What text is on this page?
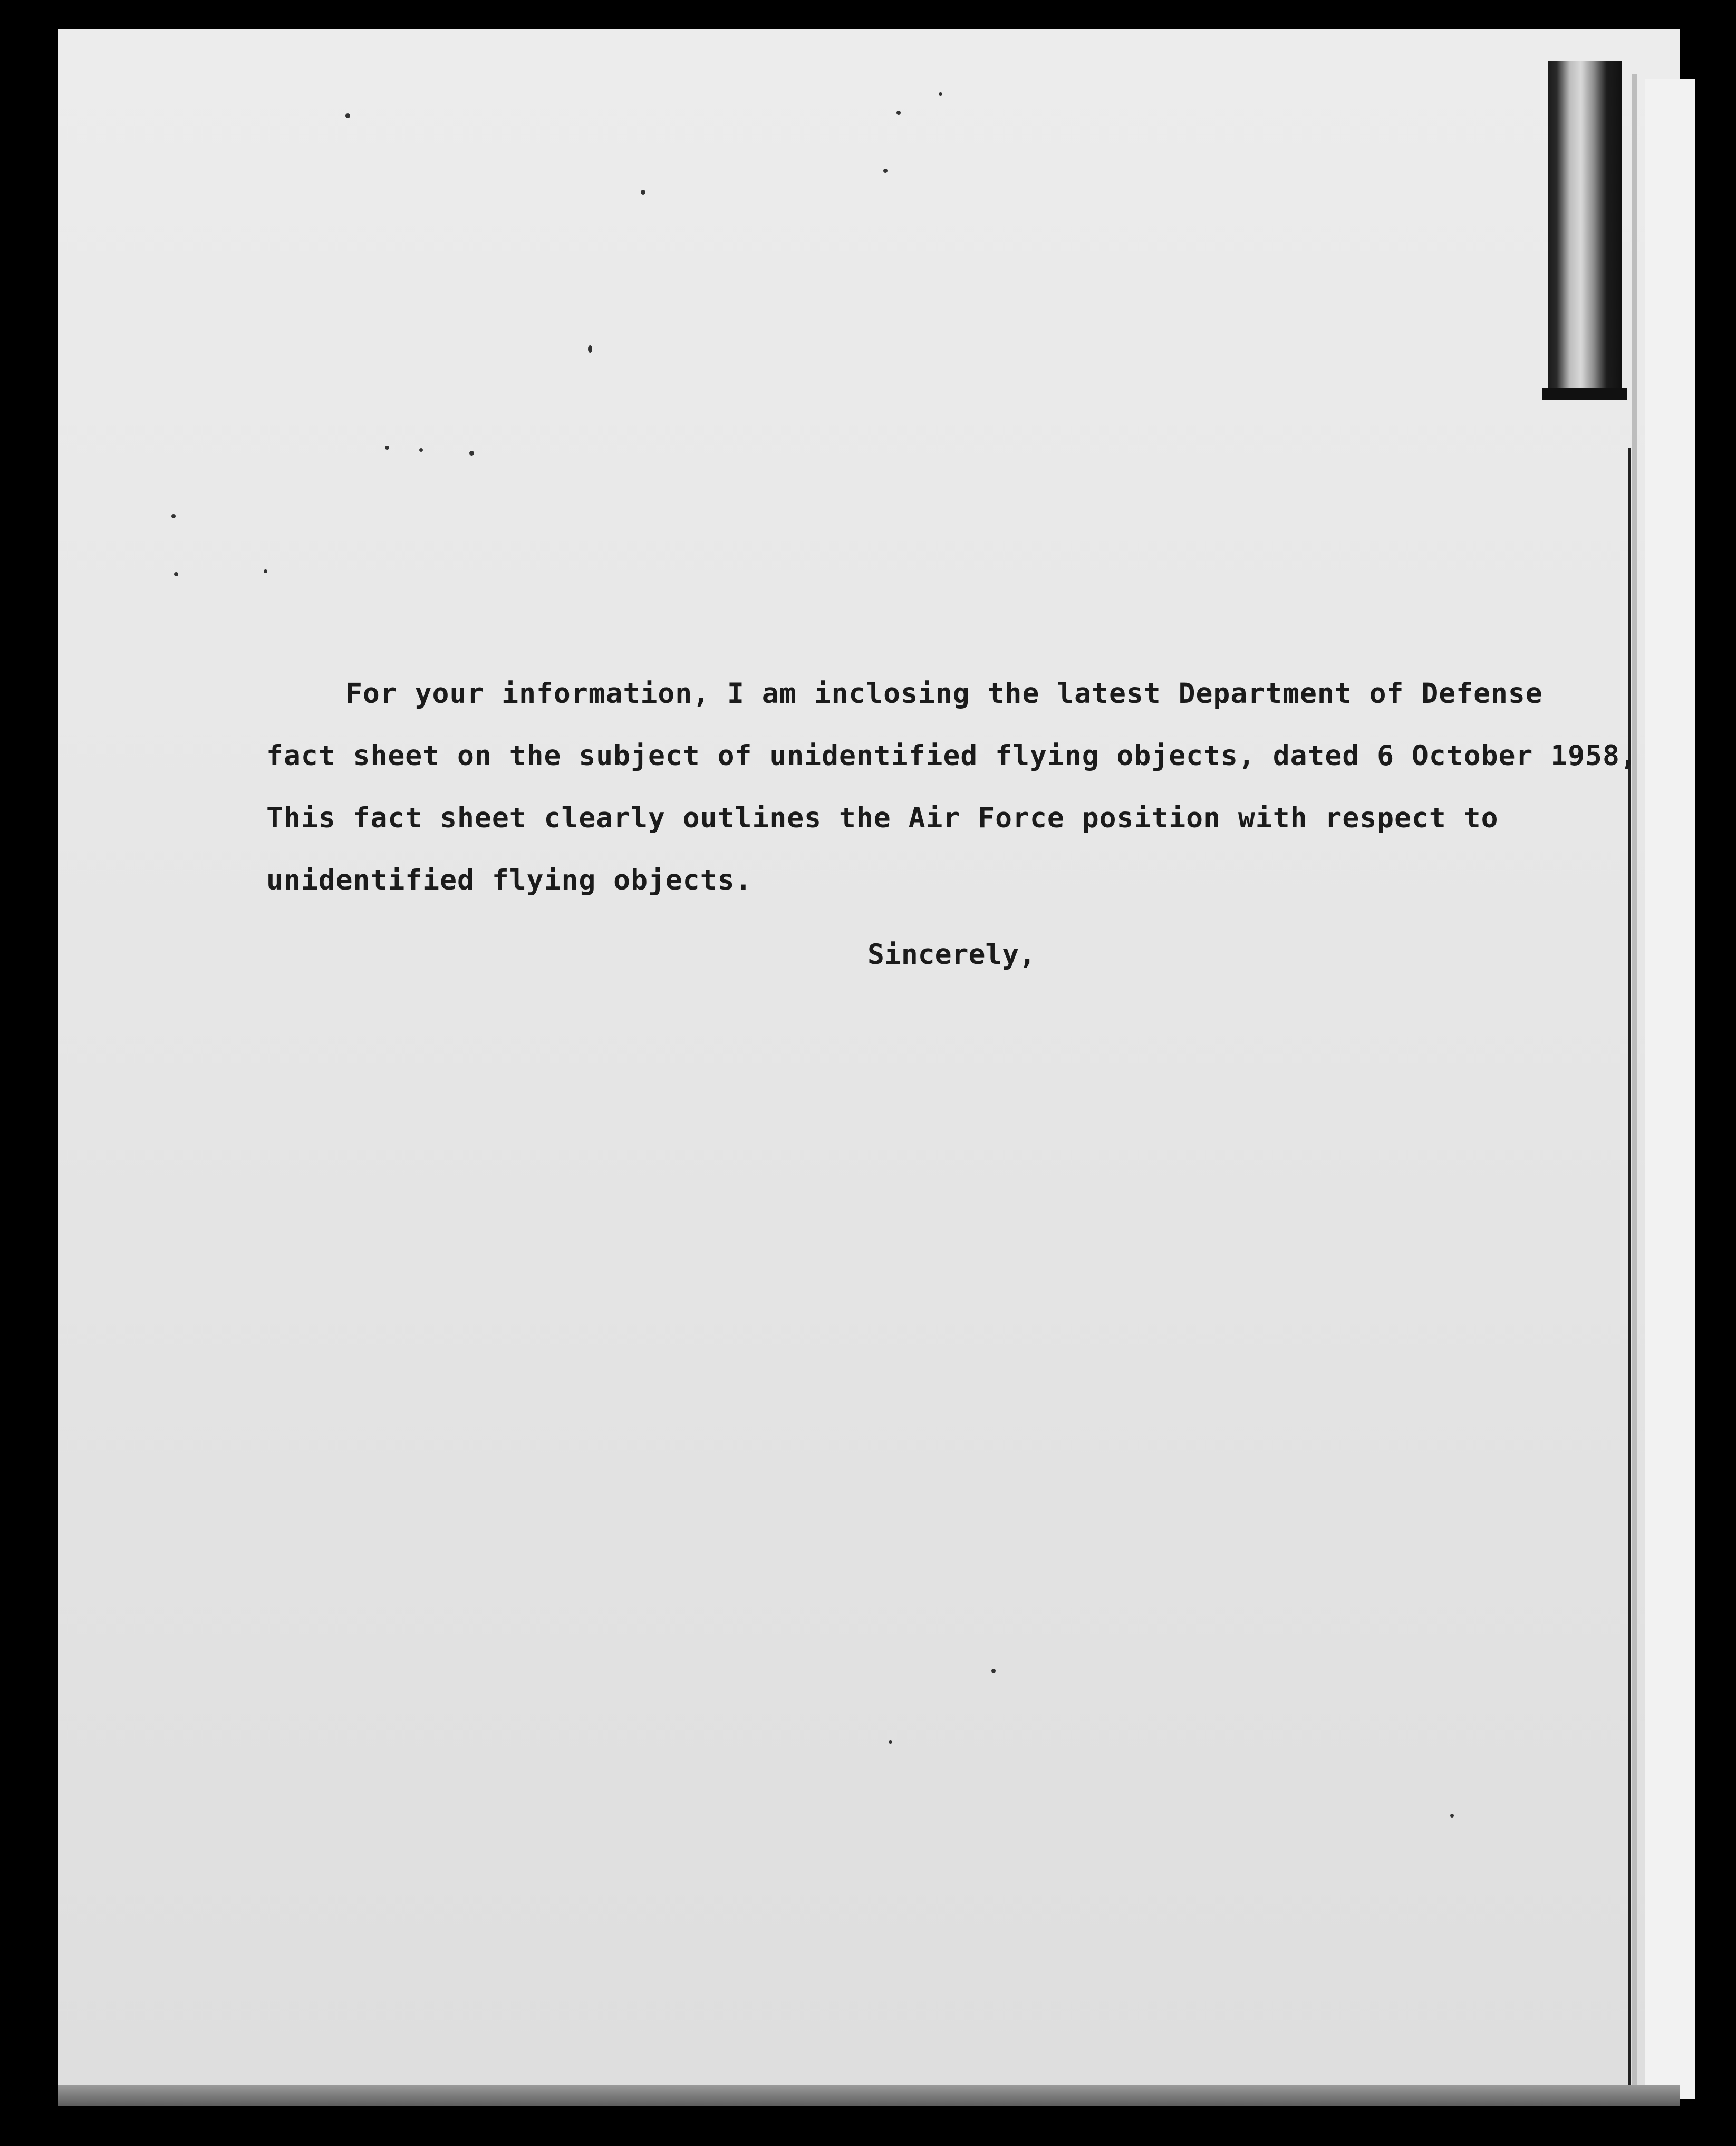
For your information, I am inclosing the latest Department of Defense
fact sheet on the subject of unidentified flying objects, dated 6 October 1958,
This fact sheet clearly outlines the Air Force position with respect to
unidentified flying objects.
Sincerely,
